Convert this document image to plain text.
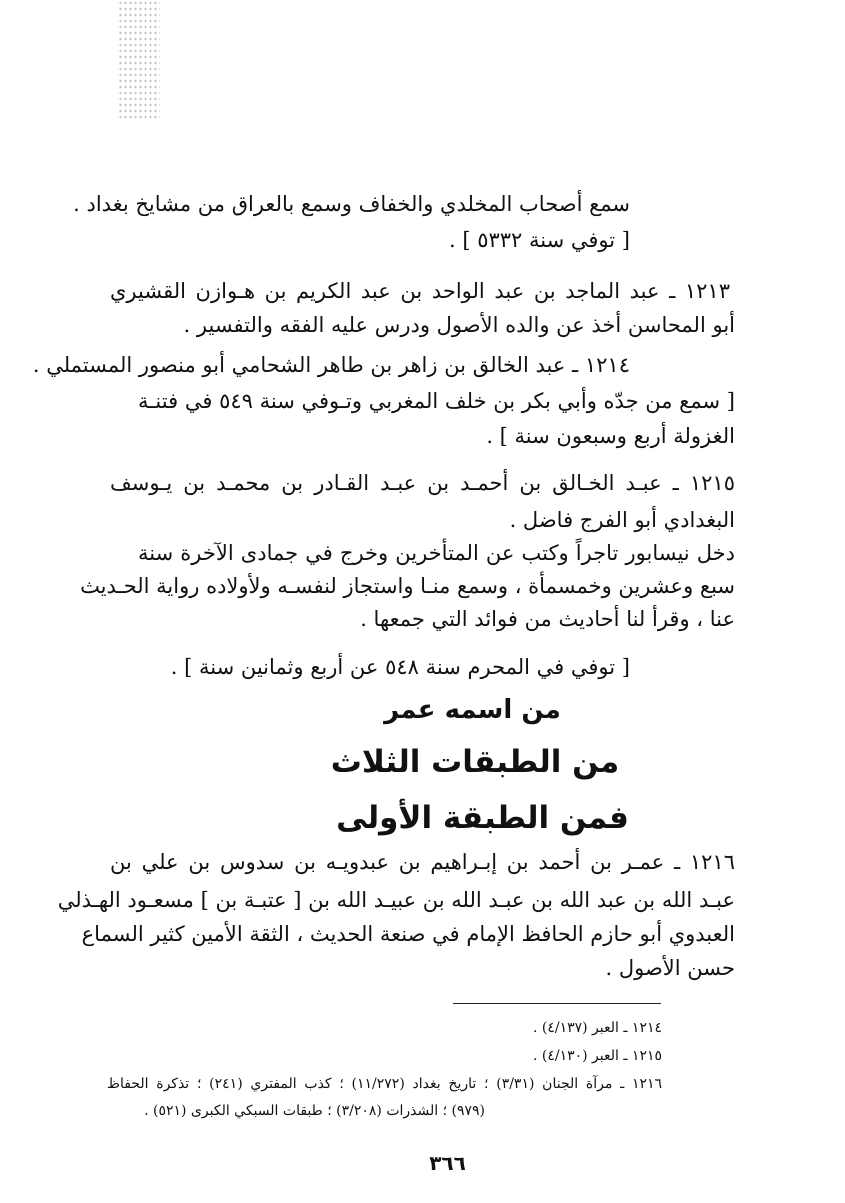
سمع أصحاب المخلدي والخفاف وسمع بالعراق من مشايخ بغداد .
[ توفي سنة ٥٣٣٢ ] .
١٢١٣ ـ عبد الماجد بن عبد الواحد بن عبد الكريم بن هـوازن القشيري
أبو المحاسن أخذ عن والده الأصول ودرس عليه الفقه والتفسير .
١٢١٤ ـ عبد الخالق بن زاهر بن طاهر الشحامي أبو منصور المستملي .
[ سمع من جدّه وأبي بكر بن خلف المغربي وتـوفي سنة ٥٤٩ في فتنـة
الغزولة أربع وسبعون سنة ] .
١٢١٥ ـ عبـد الخـالق بن أحمـد بن عبـد القـادر بن محمـد بن يـوسف
البغدادي أبو الفرج فاضل .
دخل نيسابور تاجراً وكتب عن المتأخرين وخرج في جمادى الآخرة سنة
سبع وعشرين وخمسمأة ، وسمع منـا واستجاز لنفسـه ولأولاده رواية الحـديث
عنا ، وقرأ لنا أحاديث من فوائد التي جمعها .
[ توفي في المحرم سنة ٥٤٨ عن أربع وثمانين سنة ] .
من اسمه عمر
من الطبقات الثلاث
فمن الطبقة الأولى
١٢١٦ ـ عمـر بن أحمد بن إبـراهيم بن عبدويـه بن سدوس بن علي بن
عبـد الله بن عبد الله بن عبـد الله بن عبيـد الله بن [ عتبـة بن ] مسعـود الهـذلي
العبدوي أبو حازم الحافظ الإمام في صنعة الحديث ، الثقة الأمين كثير السماع
حسن الأصول .
١٢١٤ ـ العبر (٤/١٣٧) .
١٢١٥ ـ العبر (٤/١٣٠) .
١٢١٦ ـ مرآة الجنان (٣/٣١) ؛ تاريخ بغداد (١١/٢٧٢) ؛ كذب المفتري (٢٤١) ؛ تذكرة الحفاظ
(٩٧٩) ؛ الشذرات (٣/٢٠٨) ؛ طبقات السبكي الكبرى (٥٢١) .
٣٦٦
